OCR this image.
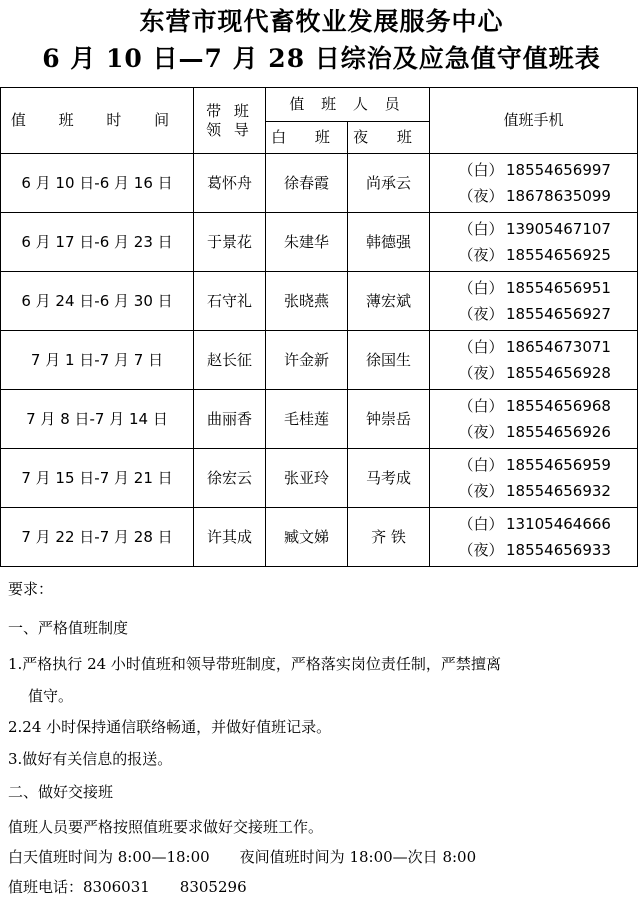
东营市现代畜牧业发展服务中心
6 月 10 日—7 月 28 日综治及应急值守值班表
值 班 时 间	带 班 领 导	值 班 人 员		值班手机
		白 班	夜 班	
6 月 10 日-6 月 16 日	葛怀舟	徐春霞	尚承云	（白） 18554656997
（夜） 18678635099

6 月 17 日-6 月 23 日	于景花	朱建华	韩德强	（白） 13905467107
（夜） 18554656925

6 月 24 日-6 月 30 日	石守礼	张晓燕	薄宏斌	（白） 18554656951
（夜） 18554656927

7 月 1 日-7 月 7 日	赵长征	许金新	徐国生	（白） 18654673071
（夜） 18554656928

7 月 8 日-7 月 14 日	曲丽香	毛桂莲	钟崇岳	（白） 18554656968
（夜） 18554656926

7 月 15 日-7 月 21 日	徐宏云	张亚玲	马考成	（白） 18554656959
（夜） 18554656932

7 月 22 日-7 月 28 日	许其成	臧文娣	齐 铁	（白） 13105464666
（夜） 18554656933
要求：
一、严格值班制度
1.严格执行 24 小时值班和领导带班制度，严格落实岗位责任制，严禁擅离
值守。
2.24 小时保持通信联络畅通，并做好值班记录。
3.做好有关信息的报送。
二、做好交接班
值班人员要严格按照值班要求做好交接班工作。
白天值班时间为 8:00—18:00　　夜间值班时间为 18:00—次日 8:00
值班电话：8306031　　8305296
